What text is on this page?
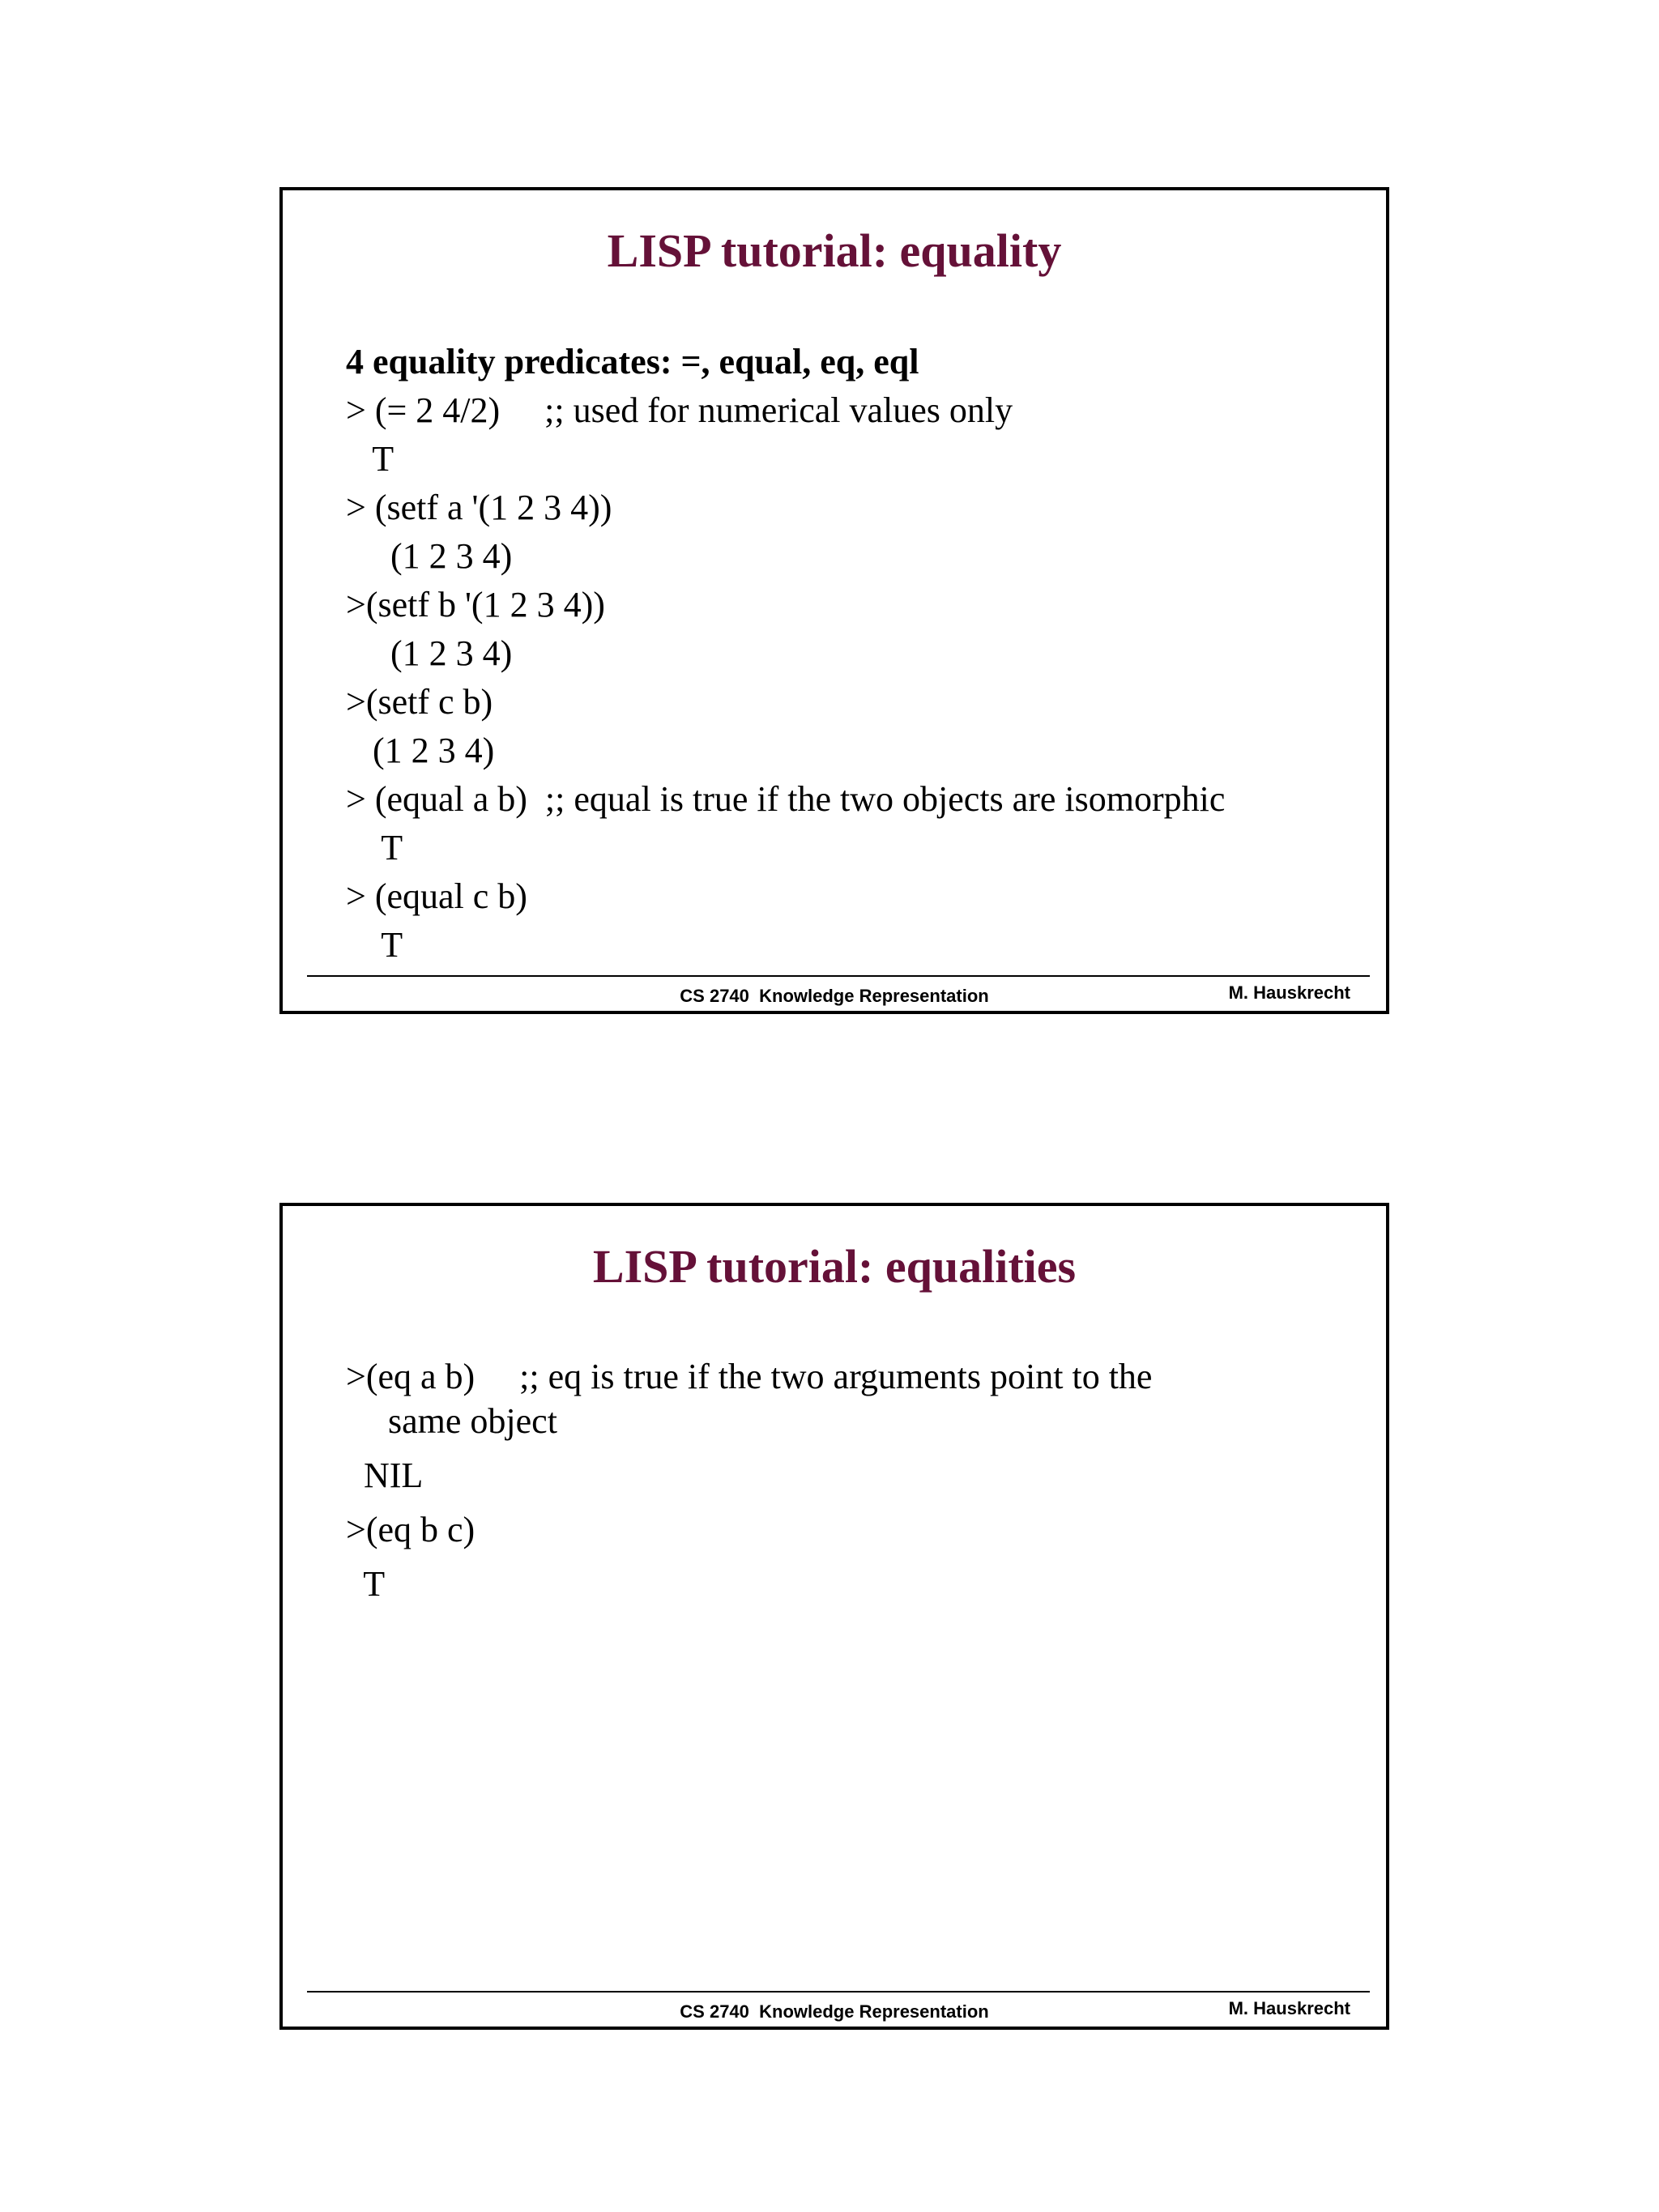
LISP tutorial: equality
4 equality predicates: =, equal, eq, eql
> (= 2 4/2)     ;; used for numerical values only
T
> (setf a '(1 2 3 4))
(1 2 3 4)
>(setf b '(1 2 3 4))
(1 2 3 4)
>(setf c b)
(1 2 3 4)
> (equal a b)  ;; equal is true if the two objects are isomorphic
T
> (equal c b)
T
CS 2740  Knowledge Representation	M. Hauskrecht
LISP tutorial: equalities
>(eq a b)     ;; eq is true if the two arguments point to the
same object
NIL
>(eq b c)
T
CS 2740  Knowledge Representation	M. Hauskrecht
